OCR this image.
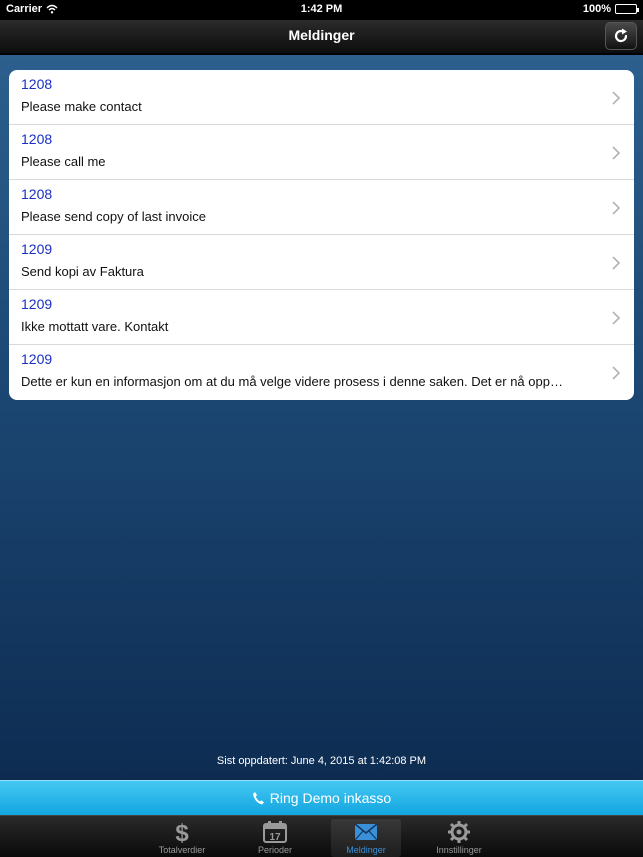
Carrier	1:42 PM	100%
Meldinger
1208
Please make contact
1208
Please call me
1208
Please send copy of last invoice
1209
Send kopi av Faktura
1209
Ikke mottatt vare. Kontakt
1209
Dette er kun en informasjon om at du må velge videre prosess i denne saken. Det er nå opp…
Sist oppdatert: June 4, 2015 at 1:42:08 PM
Ring Demo inkasso
$
Totalverdier
17
Perioder	Meldinger	Innstillinger
